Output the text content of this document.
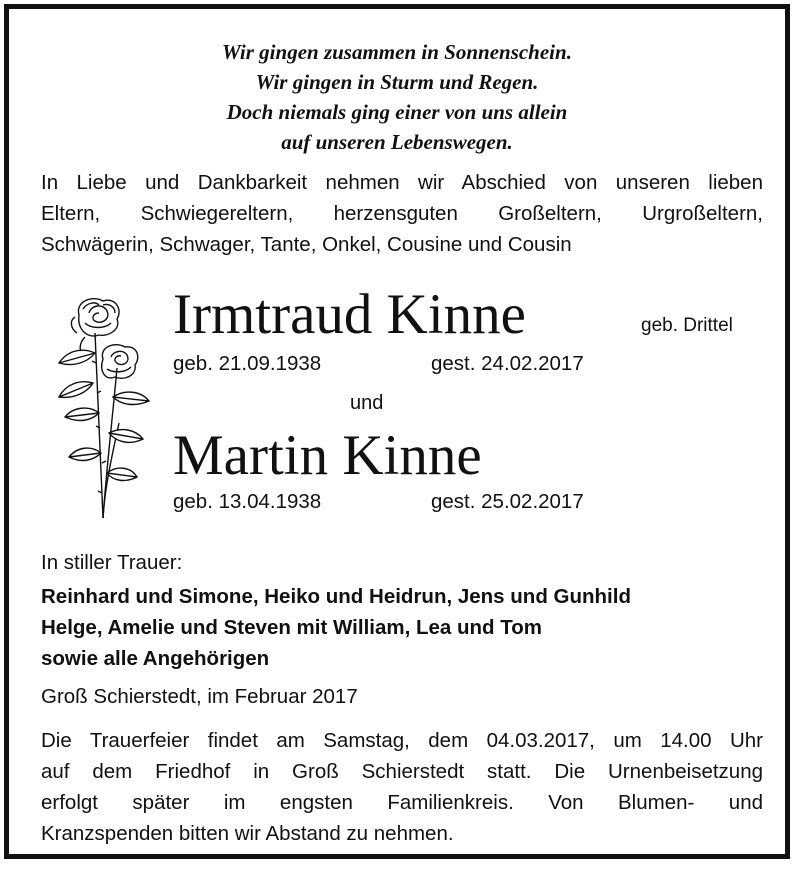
Wir gingen zusammen in Sonnenschein.
Wir gingen in Sturm und Regen.
Doch niemals ging einer von uns allein
auf unseren Lebenswegen.
In Liebe und Dankbarkeit nehmen wir Abschied von unseren lieben
Eltern, Schwiegereltern, herzensguten Großeltern, Urgroßeltern,
Schwägerin, Schwager, Tante, Onkel, Cousine und Cousin
Irmtraud Kinne	geb. Drittel
geb. 21.09.1938	gest. 24.02.2017
und
Martin Kinne
geb. 13.04.1938	gest. 25.02.2017
In stiller Trauer:
Reinhard und Simone, Heiko und Heidrun, Jens und Gunhild
Helge, Amelie und Steven mit William, Lea und Tom
sowie alle Angehörigen
Groß Schierstedt, im Februar 2017
Die Trauerfeier findet am Samstag, dem 04.03.2017, um 14.00 Uhr
auf dem Friedhof in Groß Schierstedt statt. Die Urnenbeisetzung
erfolgt später im engsten Familienkreis. Von Blumen- und
Kranzspenden bitten wir Abstand zu nehmen.
